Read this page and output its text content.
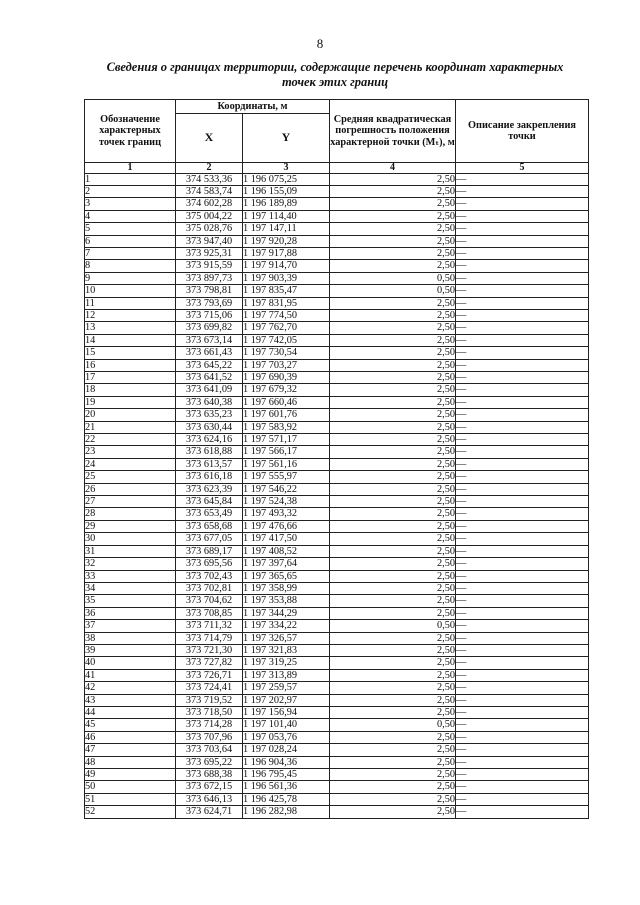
8
Сведения о границах территории, содержащие перечень координат характерных точек этих границ
Обозначение характерных точек границ	Координаты, м		Средняя квадратическая погрешность положения характерной точки (Mₜ), м	Описание закрепления точки
	X	Y		
1	2	3	4	5
1	374 533,36	1 196 075,25	2,50	—
2	374 583,74	1 196 155,09	2,50	—
3	374 602,28	1 196 189,89	2,50	—
4	375 004,22	1 197 114,40	2,50	—
5	375 028,76	1 197 147,11	2,50	—
6	373 947,40	1 197 920,28	2,50	—
7	373 925,31	1 197 917,88	2,50	—
8	373 915,59	1 197 914,70	2,50	—
9	373 897,73	1 197 903,39	0,50	—
10	373 798,81	1 197 835,47	0,50	—
11	373 793,69	1 197 831,95	2,50	—
12	373 715,06	1 197 774,50	2,50	—
13	373 699,82	1 197 762,70	2,50	—
14	373 673,14	1 197 742,05	2,50	—
15	373 661,43	1 197 730,54	2,50	—
16	373 645,22	1 197 703,27	2,50	—
17	373 641,52	1 197 690,39	2,50	—
18	373 641,09	1 197 679,32	2,50	—
19	373 640,38	1 197 660,46	2,50	—
20	373 635,23	1 197 601,76	2,50	—
21	373 630,44	1 197 583,92	2,50	—
22	373 624,16	1 197 571,17	2,50	—
23	373 618,88	1 197 566,17	2,50	—
24	373 613,57	1 197 561,16	2,50	—
25	373 616,18	1 197 555,97	2,50	—
26	373 623,39	1 197 546,22	2,50	—
27	373 645,84	1 197 524,38	2,50	—
28	373 653,49	1 197 493,32	2,50	—
29	373 658,68	1 197 476,66	2,50	—
30	373 677,05	1 197 417,50	2,50	—
31	373 689,17	1 197 408,52	2,50	—
32	373 695,56	1 197 397,64	2,50	—
33	373 702,43	1 197 365,65	2,50	—
34	373 702,81	1 197 358,99	2,50	—
35	373 704,62	1 197 353,88	2,50	—
36	373 708,85	1 197 344,29	2,50	—
37	373 711,32	1 197 334,22	0,50	—
38	373 714,79	1 197 326,57	2,50	—
39	373 721,30	1 197 321,83	2,50	—
40	373 727,82	1 197 319,25	2,50	—
41	373 726,71	1 197 313,89	2,50	—
42	373 724,41	1 197 259,57	2,50	—
43	373 719,52	1 197 202,97	2,50	—
44	373 718,50	1 197 156,94	2,50	—
45	373 714,28	1 197 101,40	0,50	—
46	373 707,96	1 197 053,76	2,50	—
47	373 703,64	1 197 028,24	2,50	—
48	373 695,22	1 196 904,36	2,50	—
49	373 688,38	1 196 795,45	2,50	—
50	373 672,15	1 196 561,36	2,50	—
51	373 646,13	1 196 425,78	2,50	—
52	373 624,71	1 196 282,98	2,50	—
